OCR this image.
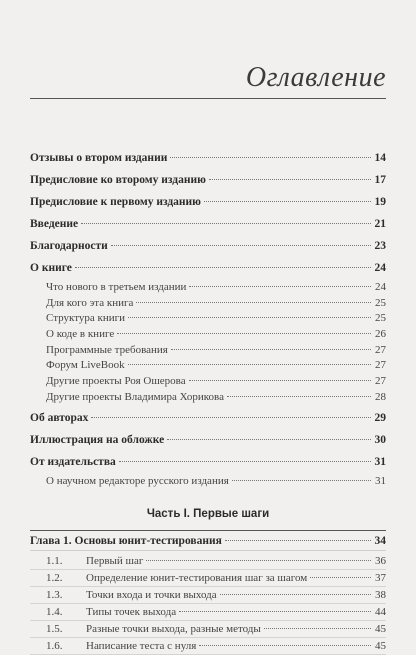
Оглавление
Отзывы о втором издании	14
Предисловие ко второму изданию	17
Предисловие к первому изданию	19
Введение	21
Благодарности	23
О книге	24
Что нового в третьем издании	24
Для кого эта книга	25
Структура книги	25
О коде в книге	26
Программные требования	27
Форум LiveBook	27
Другие проекты Роя Ошерова	27
Другие проекты Владимира Хорикова	28
Об авторах	29
Иллюстрация на обложке	30
От издательства	31
О научном редакторе русского издания	31
Часть I. Первые шаги
Глава 1. Основы юнит-тестирования	34
1.1.	Первый шаг	36
1.2.	Определение юнит-тестирования шаг за шагом	37
1.3.	Точки входа и точки выхода	38
1.4.	Типы точек выхода	44
1.5.	Разные точки выхода, разные методы	45
1.6.	Написание теста с нуля	45
